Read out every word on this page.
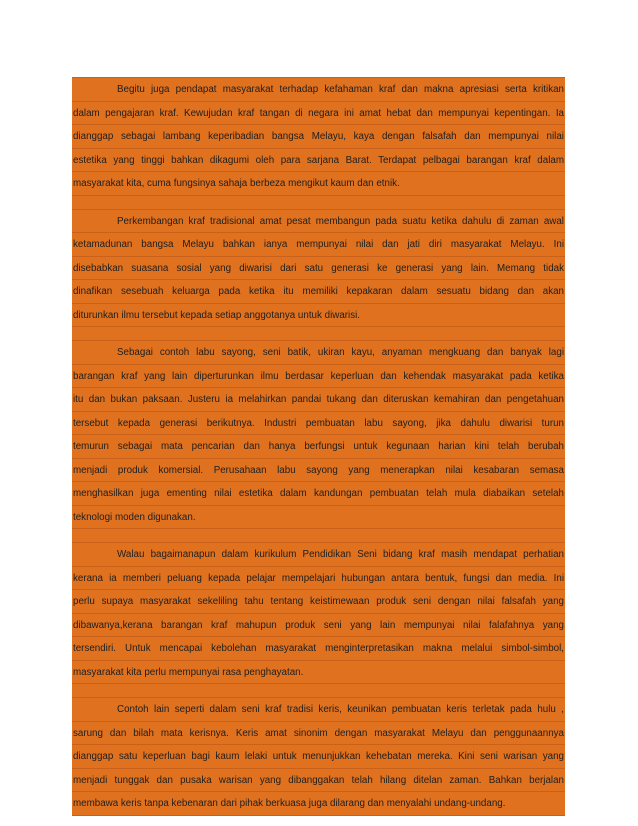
Begitu juga pendapat masyarakat terhadap kefahaman kraf dan makna apresiasi serta kritikan
dalam pengajaran kraf. Kewujudan kraf tangan di negara ini amat hebat dan mempunyai kepentingan. Ia
dianggap sebagai lambang keperibadian bangsa Melayu, kaya dengan falsafah dan mempunyai nilai
estetika yang tinggi bahkan dikagumi oleh para sarjana Barat. Terdapat pelbagai barangan kraf dalam
masyarakat kita, cuma fungsinya sahaja berbeza mengikut kaum dan etnik.
Perkembangan kraf tradisional amat pesat membangun pada suatu ketika dahulu di zaman awal
ketamadunan bangsa Melayu bahkan ianya mempunyai nilai dan jati diri masyarakat Melayu. Ini
disebabkan suasana sosial yang diwarisi dari satu generasi ke generasi yang lain. Memang tidak
dinafikan sesebuah keluarga pada ketika itu memiliki kepakaran dalam sesuatu bidang dan akan
diturunkan ilmu tersebut kepada setiap anggotanya untuk diwarisi.
Sebagai contoh labu sayong, seni batik, ukiran kayu, anyaman mengkuang dan banyak lagi
barangan kraf yang lain diperturunkan ilmu berdasar keperluan dan kehendak masyarakat pada ketika
itu dan bukan paksaan. Justeru ia melahirkan pandai tukang dan diteruskan kemahiran dan pengetahuan
tersebut kepada generasi berikutnya. Industri pembuatan labu sayong, jika dahulu diwarisi turun
temurun sebagai mata pencarian dan hanya berfungsi untuk kegunaan harian kini telah berubah
menjadi produk komersial. Perusahaan labu sayong yang menerapkan nilai kesabaran semasa
menghasilkan juga ementing nilai estetika dalam kandungan pembuatan telah mula diabaikan setelah
teknologi moden digunakan.
Walau bagaimanapun dalam kurikulum Pendidikan Seni bidang kraf masih mendapat perhatian
kerana ia memberi peluang kepada pelajar mempelajari hubungan antara bentuk, fungsi dan media. Ini
perlu supaya masyarakat sekeliling tahu tentang keistimewaan produk seni dengan nilai falsafah yang
dibawanya,kerana barangan kraf mahupun produk seni yang lain mempunyai nilai falafahnya yang
tersendiri. Untuk mencapai kebolehan masyarakat menginterpretasikan makna melalui simbol-simbol,
masyarakat kita perlu mempunyai rasa penghayatan.
Contoh lain seperti dalam seni kraf tradisi keris, keunikan pembuatan keris terletak pada hulu ,
sarung dan bilah mata kerisnya. Keris amat sinonim dengan masyarakat Melayu dan penggunaannya
dianggap satu keperluan bagi kaum lelaki untuk menunjukkan kehebatan mereka. Kini seni warisan yang
menjadi tunggak dan pusaka warisan yang dibanggakan telah hilang ditelan zaman. Bahkan berjalan
membawa keris tanpa kebenaran dari pihak berkuasa juga dilarang dan menyalahi undang-undang.
